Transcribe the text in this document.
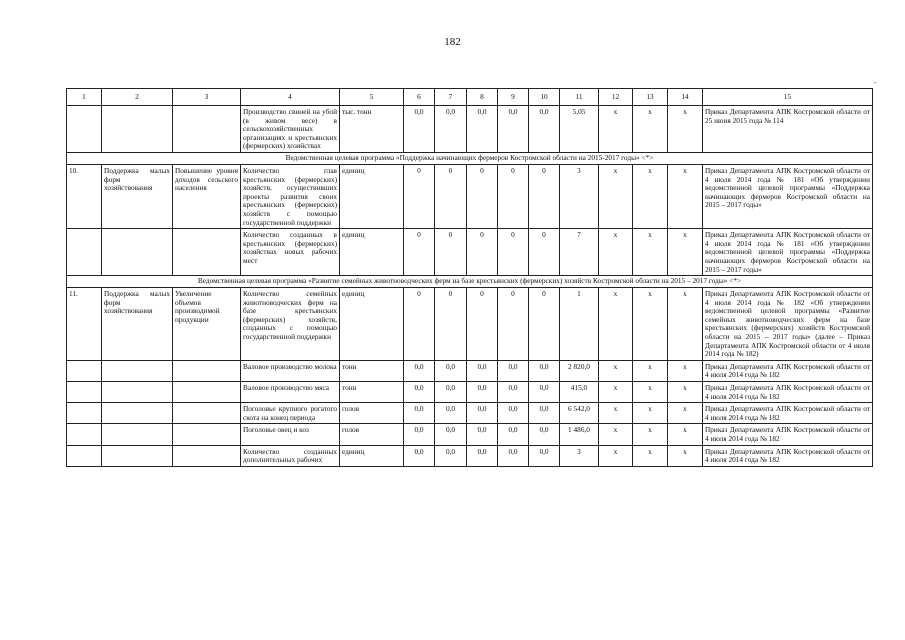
182
-
1	2	3	4	5	6	7	8	9	10	11	12	13	14	15
			Производство свиней на убой (в живом весе) в сельскохозяйственных организациях и крестьянских (фермерских) хозяйствах	тыс. тонн	0,0	0,0	0,0	0,0	0,0	5,05	x	x	x	Приказ Департамента АПК Костромской области от 25 июня 2015 года № 114
Ведомственная целевая программа «Поддержка начинающих фермеров Костромской области на 2015-2017 годы» <*>														
10.	Поддержка малых форм хозяйствования	Повышение уровня доходов сельского населения	Количество глав крестьянских (фермерских) хозяйств, осуществивших проекты развития своих крестьянских (фермерских) хозяйств с помощью государственной поддержки	единиц	0	0	0	0	0	3	x	x	x	Приказ Департамента АПК Костромской области от 4 июля 2014 года № 181 «Об утверждении ведомственной целевой программы «Поддержка начинающих фермеров Костромской области на 2015 – 2017 годы»
			Количество созданных в крестьянских (фермерских) хозяйствах новых рабочих мест	единиц	0	0	0	0	0	7	x	x	x	Приказ Департамента АПК Костромской области от 4 июля 2014 года № 181 «Об утверждении ведомственной целевой программы «Поддержка начинающих фермеров Костромской области на 2015 – 2017 годы»
Ведомственная целевая программа «Развитие семейных животноводческих ферм на базе крестьянских (фермерских) хозяйств Костромской области на 2015 – 2017 годы» <*>														
11.	Поддержка малых форм хозяйствования	Увеличение объемов производимой продукции	Количество семейных животноводческих ферм на базе крестьянских (фермерских) хозяйств, созданных с помощью государственной поддержки	единиц	0	0	0	0	0	1	x	x	x	Приказ Департамента АПК Костромской области от 4 июля 2014 года № 182 «Об утверждении ведомственной целевой программы «Развитие семейных животноводческих ферм на базе крестьянских (фермерских) хозяйств Костромской области на 2015 – 2017 годы» (далее – Приказ Департамента АПК Костромской области от 4 июля 2014 года № 182)
			Валовое производство молока	тонн	0,0	0,0	0,0	0,0	0,0	2 820,0	x	x	x	Приказ Департамента АПК Костромской области от 4 июля 2014 года № 182
			Валовое производство мяса	тонн	0,0	0,0	0,0	0,0	0,0	415,0	x	x	x	Приказ Департамента АПК Костромской области от 4 июля 2014 года № 182
			Поголовье крупного рогатого скота на конец периода	голов	0,0	0,0	0,0	0,0	0,0	6 542,0	x	x	x	Приказ Департамента АПК Костромской области от 4 июля 2014 года № 182
			Поголовье овец и коз	голов	0,0	0,0	0,0	0,0	0,0	1 486,0	x	x	x	Приказ Департамента АПК Костромской области от 4 июля 2014 года № 182
			Количество созданных дополнительных рабочих	единиц	0,0	0,0	0,0	0,0	0,0	3	x	x	x	Приказ Департамента АПК Костромской области от 4 июля 2014 года № 182
